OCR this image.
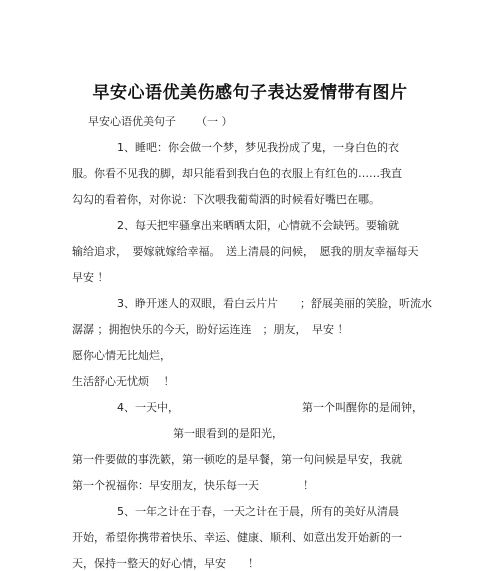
早安心语优美伤感句子表达爱情带有图片
早安心语优美句子 　　（一 ）
1、睡吧：你会做一个梦，梦见我扮成了鬼，一身白色的衣
服。你看不见我的脚，却只能看到我白色的衣服上有红色的……我直
勾勾的看着你，对你说：下次喂我葡萄酒的时候看好嘴巴在哪。
2、每天把牢骚拿出来晒晒太阳，心情就不会缺钙。要输就
输给追求，　要嫁就嫁给幸福。　送上清晨的问候，　愿我的朋友幸福每天
早安 ！
3、睁开迷人的双眼，看白云片片　　；舒展美丽的笑脸，听流水
潺潺 ；拥抱快乐的今天，盼好运连连　；朋友，　早安 ！
愿你心情无比灿烂，
生活舒心无忧烦　 ！
4、一天中，	第一个叫醒你的是闹钟，
第一眼看到的是阳光，
第一件要做的事洗簌，第一顿吃的是早餐，第一句问候是早安，我就
第一个祝福你：早安朋友，快乐每一天　　　　！
5、一年之计在于春，一天之计在于晨，所有的美好从清晨
开始，希望你携带着快乐、幸运、健康、顺利、如意出发开始新的一
天，保持一整天的好心情，早安　　！
